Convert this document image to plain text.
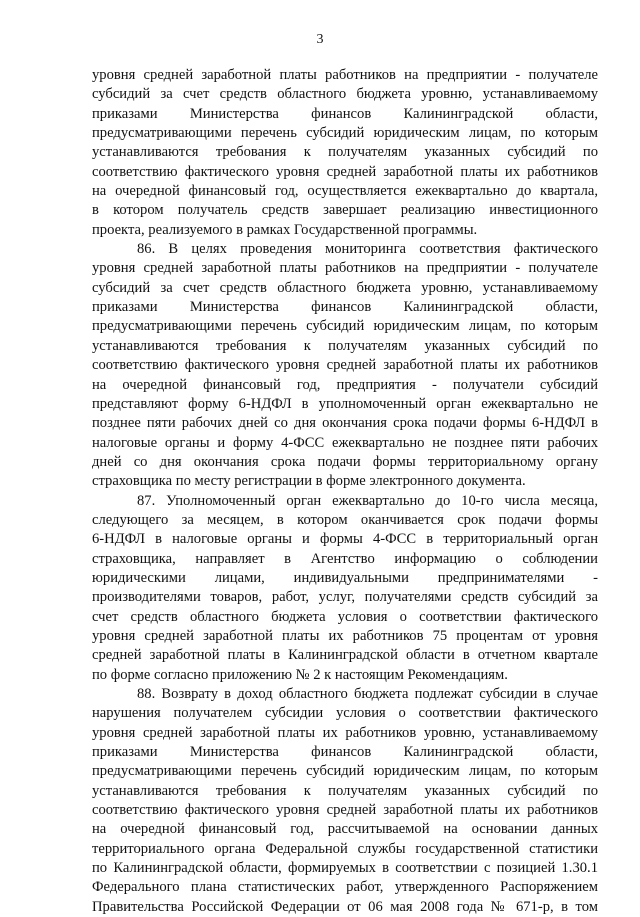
3
уровня средней заработной платы работников на предприятии - получателе
субсидий за счет средств областного бюджета уровню, устанавливаемому
приказами Министерства финансов Калининградской области,
предусматривающими перечень субсидий юридическим лицам, по которым
устанавливаются требования к получателям указанных субсидий по
соответствию фактического уровня средней заработной платы их работников
на очередной финансовый год, осуществляется ежеквартально до квартала,
в котором получатель средств завершает реализацию инвестиционного
проекта, реализуемого в рамках Государственной программы.
86. В целях проведения мониторинга соответствия фактического
уровня средней заработной платы работников на предприятии - получателе
субсидий за счет средств областного бюджета уровню, устанавливаемому
приказами Министерства финансов Калининградской области,
предусматривающими перечень субсидий юридическим лицам, по которым
устанавливаются требования к получателям указанных субсидий по
соответствию фактического уровня средней заработной платы их работников
на очередной финансовый год, предприятия - получатели субсидий
представляют форму 6-НДФЛ в уполномоченный орган ежеквартально не
позднее пяти рабочих дней со дня окончания срока подачи формы 6-НДФЛ в
налоговые органы и форму 4-ФСС ежеквартально не позднее пяти рабочих
дней со дня окончания срока подачи формы территориальному органу
страховщика по месту регистрации в форме электронного документа.
87. Уполномоченный орган ежеквартально до 10-го числа месяца,
следующего за месяцем, в котором оканчивается срок подачи формы
6-НДФЛ в налоговые органы и формы 4-ФСС в территориальный орган
страховщика, направляет в Агентство информацию о соблюдении
юридическими лицами, индивидуальными предпринимателями -
производителями товаров, работ, услуг, получателями средств субсидий за
счет средств областного бюджета условия о соответствии фактического
уровня средней заработной платы их работников 75 процентам от уровня
средней заработной платы в Калининградской области в отчетном квартале
по форме согласно приложению № 2 к настоящим Рекомендациям.
88. Возврату в доход областного бюджета подлежат субсидии в случае
нарушения получателем субсидии условия о соответствии фактического
уровня средней заработной платы их работников уровню, устанавливаемому
приказами Министерства финансов Калининградской области,
предусматривающими перечень субсидий юридическим лицам, по которым
устанавливаются требования к получателям указанных субсидий по
соответствию фактического уровня средней заработной платы их работников
на очередной финансовый год, рассчитываемой на основании данных
территориального органа Федеральной службы государственной статистики
по Калининградской области, формируемых в соответствии с позицией 1.30.1
Федерального плана статистических работ, утвержденного Распоряжением
Правительства Российской Федерации от 06 мая 2008 года № 671-р, в том
